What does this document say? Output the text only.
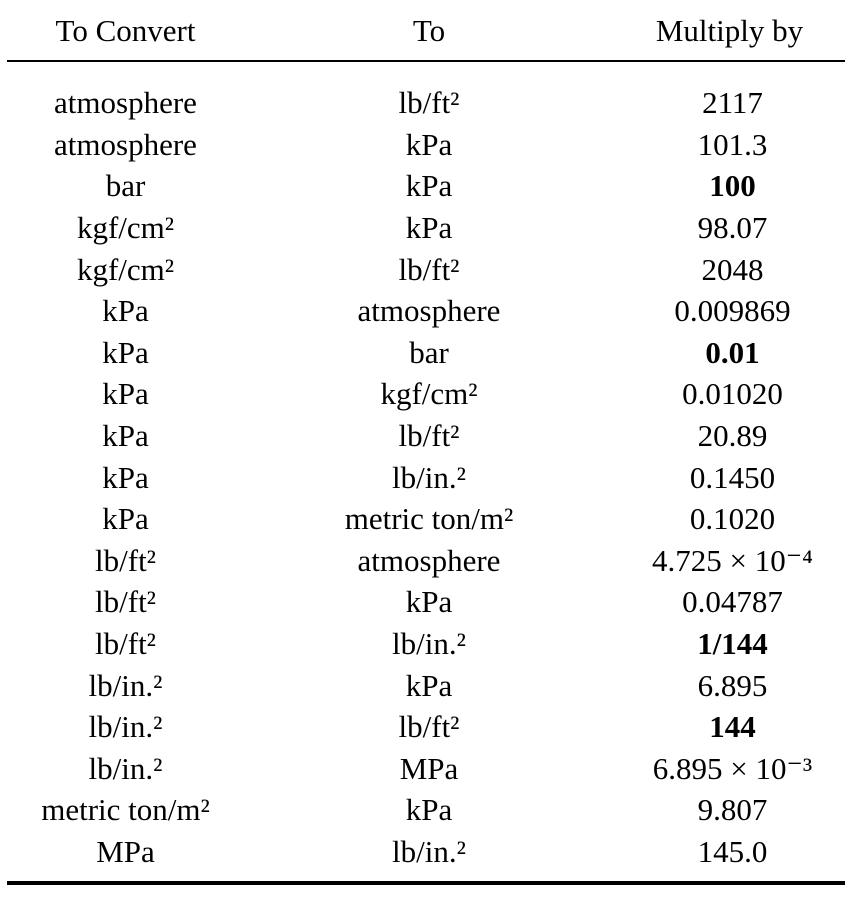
To Convert	To	Multiply by

atmosphere	lb/ft²	2117
atmosphere	kPa	101.3
bar	kPa	100
kgf/cm²	kPa	98.07
kgf/cm²	lb/ft²	2048
kPa	atmosphere	0.009869
kPa	bar	0.01
kPa	kgf/cm²	0.01020
kPa	lb/ft²	20.89
kPa	lb/in.²	0.1450
kPa	metric ton/m²	0.1020
lb/ft²	atmosphere	4.725 × 10⁻⁴
lb/ft²	kPa	0.04787
lb/ft²	lb/in.²	1/144
lb/in.²	kPa	6.895
lb/in.²	lb/ft²	144
lb/in.²	MPa	6.895 × 10⁻³
metric ton/m²	kPa	9.807
MPa	lb/in.²	145.0
